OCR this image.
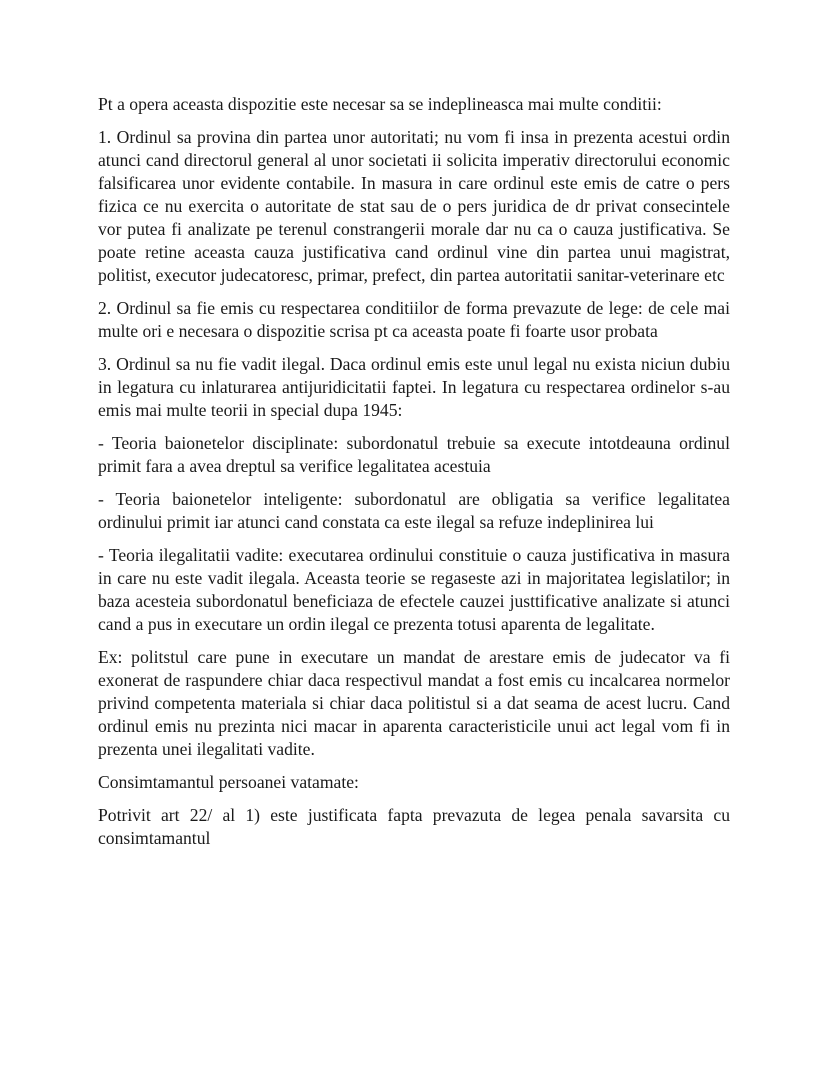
Pt a opera aceasta dispozitie este necesar sa se indeplineasca mai multe conditii:

1. Ordinul sa provina din partea unor autoritati; nu vom fi insa in prezenta acestui ordin atunci cand directorul general al unor societati ii solicita imperativ directorului economic falsificarea unor evidente contabile. In masura in care ordinul este emis de catre o pers fizica ce nu exercita o autoritate de stat sau de o pers juridica de dr privat consecintele vor putea fi analizate pe terenul constrangerii morale dar nu ca o cauza justificativa. Se poate retine aceasta cauza justificativa cand ordinul vine din partea unui magistrat, politist, executor judecatoresc, primar, prefect, din partea autoritatii sanitar-veterinare etc

2. Ordinul sa fie emis cu respectarea conditiilor de forma prevazute de lege: de cele mai multe ori e necesara o dispozitie scrisa pt ca aceasta poate fi foarte usor probata

3. Ordinul sa nu fie vadit ilegal. Daca ordinul emis este unul legal nu exista niciun dubiu in legatura cu inlaturarea antijuridicitatii faptei. In legatura cu respectarea ordinelor s-au emis mai multe teorii in special dupa 1945:

- Teoria baionetelor disciplinate: subordonatul trebuie sa execute intotdeauna ordinul primit fara a avea dreptul sa verifice legalitatea acestuia

- Teoria baionetelor inteligente: subordonatul are obligatia sa verifice legalitatea ordinului primit iar atunci cand constata ca este ilegal sa refuze indeplinirea lui

- Teoria ilegalitatii vadite: executarea ordinului constituie o cauza justificativa in masura in care nu este vadit ilegala. Aceasta teorie se regaseste azi in majoritatea legislatilor; in baza acesteia subordonatul beneficiaza de efectele cauzei justtificative analizate si atunci cand a pus in executare un ordin ilegal ce prezenta totusi aparenta de legalitate.

Ex: politstul care pune in executare un mandat de arestare emis de judecator va fi exonerat de raspundere chiar daca respectivul mandat a fost emis cu incalcarea normelor privind competenta materiala si chiar daca politistul si a dat seama de acest lucru. Cand ordinul emis nu prezinta nici macar in aparenta caracteristicile unui act legal vom fi in prezenta unei ilegalitati vadite.

Consimtamantul persoanei vatamate:

Potrivit art 22/ al 1) este justificata fapta prevazuta de legea penala savarsita cu consimtamantul
